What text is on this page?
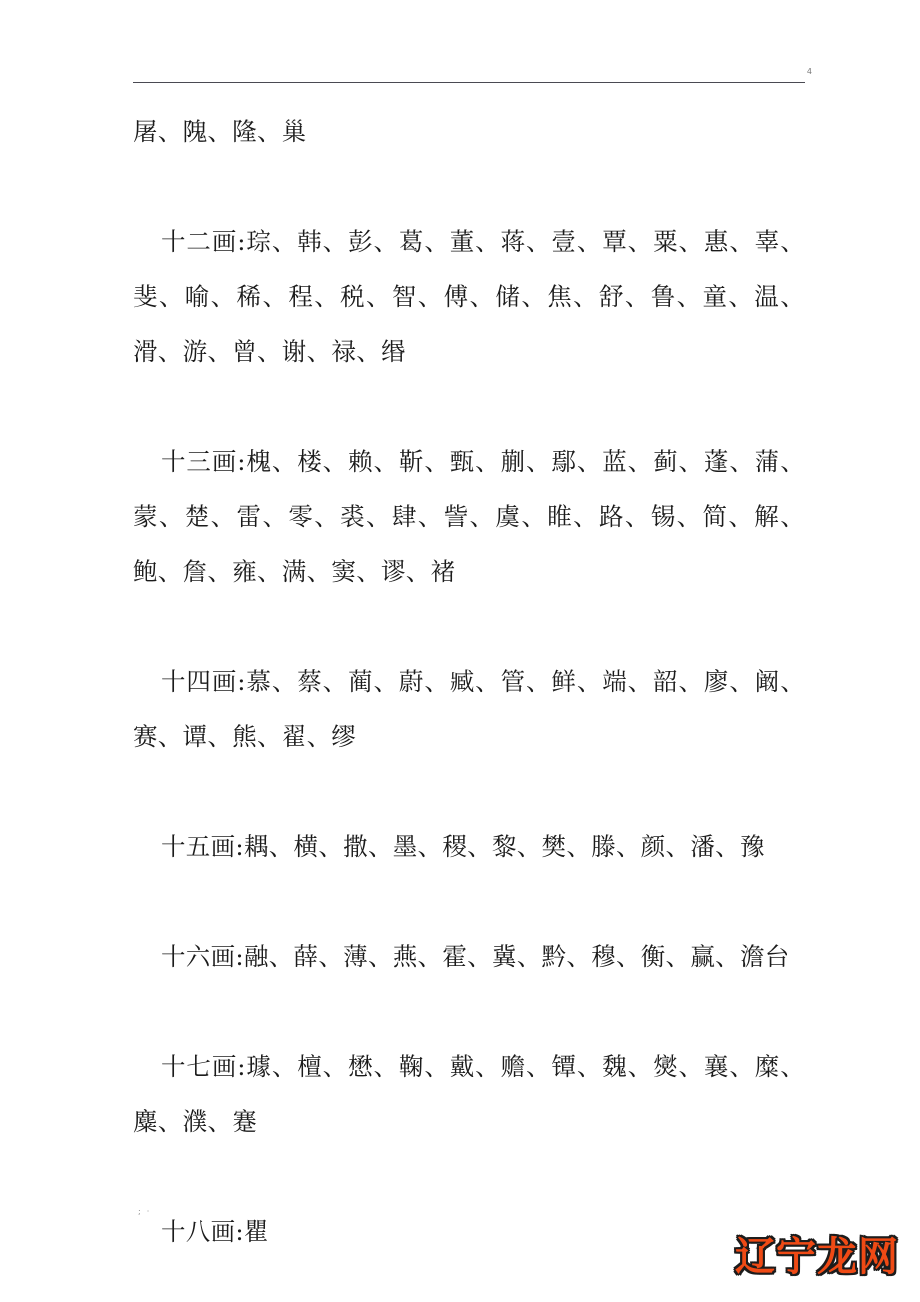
4

屠、隗、隆、巢

十二画:琮、韩、彭、葛、董、蒋、壹、覃、粟、惠、辜、斐、喻、稀、程、税、智、傅、储、焦、舒、鲁、童、温、滑、游、曾、谢、禄、缗

十三画:槐、楼、赖、靳、甄、蒯、鄢、蓝、蓟、蓬、蒲、蒙、楚、雷、零、裘、肆、訾、虞、睢、路、锡、简、解、鲍、詹、雍、满、窦、谬、褚

十四画:慕、蔡、蔺、蔚、臧、管、鲜、端、韶、廖、阚、赛、谭、熊、翟、缪

十五画:耦、横、撒、墨、稷、黎、樊、滕、颜、潘、豫

十六画:融、薛、薄、燕、霍、冀、黔、穆、衡、赢、澹台

十七画:璩、檀、懋、鞠、戴、赡、镡、魏、爕、襄、糜、麋、濮、蹇

十八画:瞿

;·
辽宁龙网
